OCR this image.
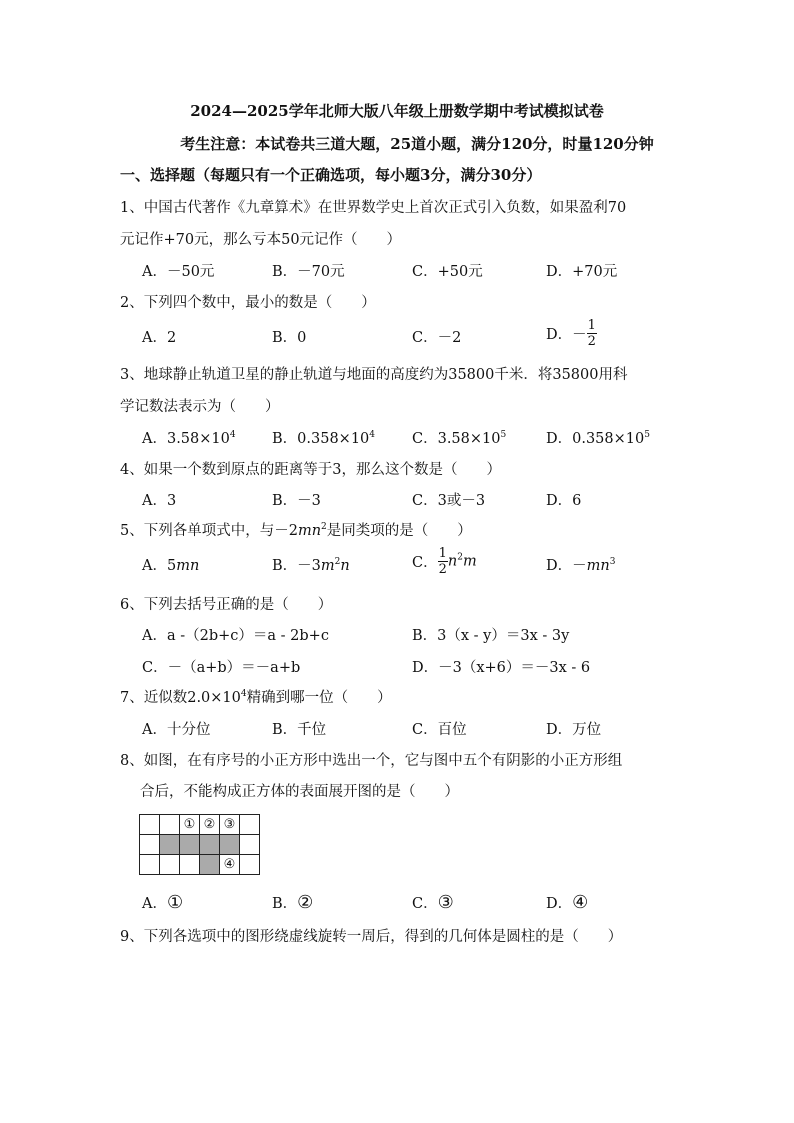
2024—2025学年北师大版八年级上册数学期中考试模拟试卷
考生注意：本试卷共三道大题，25道小题，满分120分，时量120分钟
一、选择题（每题只有一个正确选项，每小题3分，满分30分）
1、中国古代著作《九章算术》在世界数学史上首次正式引入负数，如果盈利70
元记作+70元，那么亏本50元记作（　　）
A．－50元	B．－70元	C．+50元	D．+70元
2、下列四个数中，最小的数是（　　）
A．2	B．0	C．－2	D．－ $\frac{1}{2}$
3、地球静止轨道卫星的静止轨道与地面的高度约为35800千米．将35800用科
学记数法表示为（　　）
A．$3.58\times 10^4$	B．$0.358\times 10^4$	C．$3.58\times 10^5$	D．$0.358\times 10^5$
4、如果一个数到原点的距离等于3，那么这个数是（　　）
A．3	B．－3	C．3或－3	D．6
5、下列各单项式中，与$-2mn^2$是同类项的是（　　）
A．5mn	B．$-3m^2n$	C． $\frac{1}{2} n^2m$	D．$-mn^3$
6、下列去括号正确的是（　　）
A．a -（2b+c）＝a - 2b+c	B．3（x - y）＝3x - 3y
C．－（a+b）＝－a+b	D．－3（x+6）＝－3x - 6
7、近似数$2.0\times 10^4$精确到哪一位（　　）
A．十分位	B．千位	C．百位	D．万位
8、如图，在有序号的小正方形中选出一个，它与图中五个有阴影的小正方形组
合后，不能构成正方体的表面展开图的是（　　）
		①	②	③	

				④	
A．①	B．②	C．③	D．④
9、下列各选项中的图形绕虚线旋转一周后，得到的几何体是圆柱的是（　　）
